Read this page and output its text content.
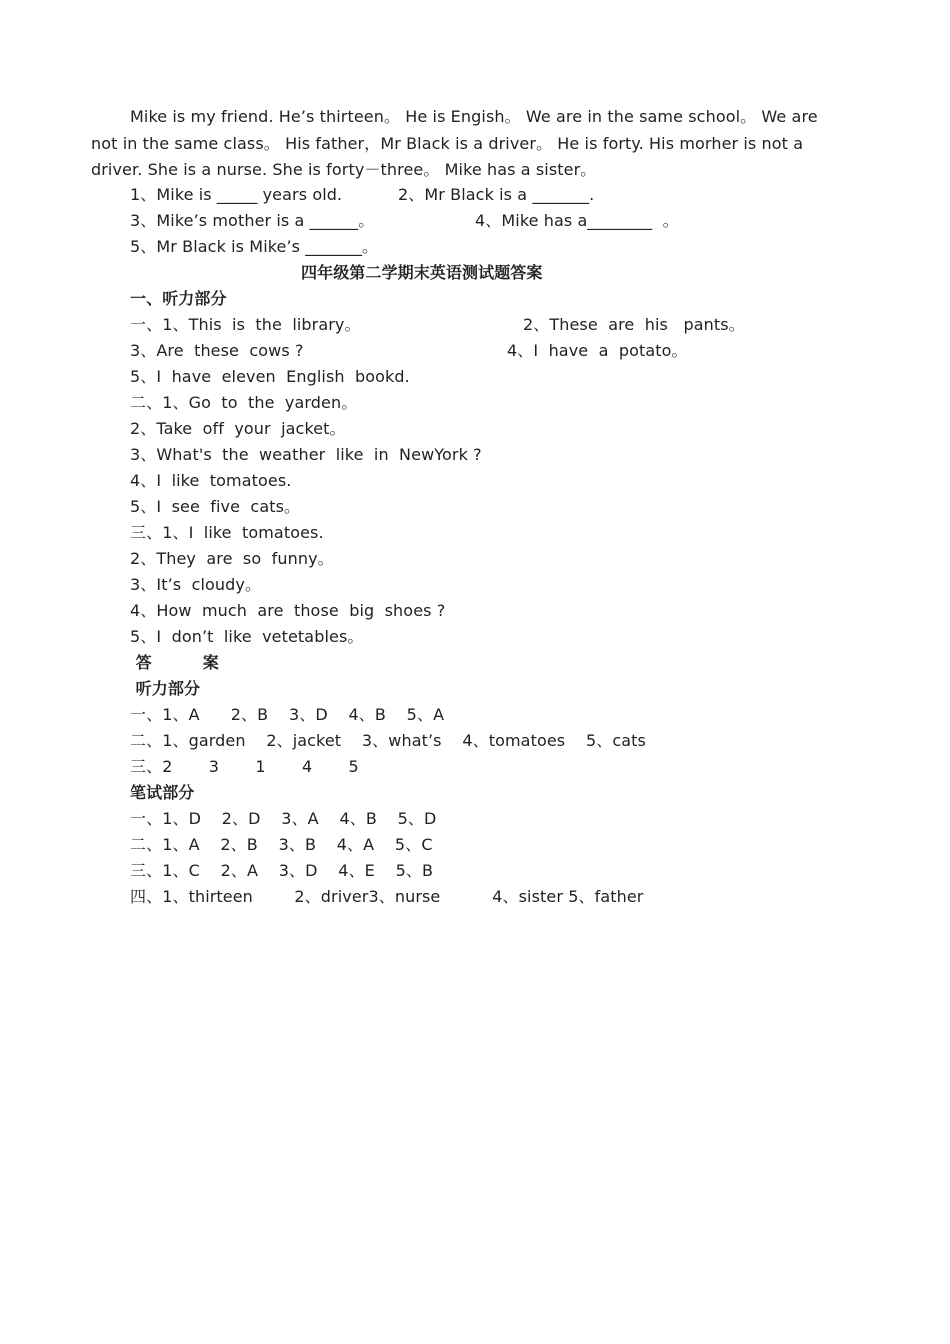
Mike is my friend. He’s thirteen。 He is Engish。 We are in the same school。 We are
not in the same class。 His father，Mr Black is a driver。 He is forty. His morher is not a
driver. She is a nurse. She is forty－three。 Mike has a sister。
1、Mike is _____ years old.	2、Mr Black is a _______.
3、Mike’s mother is a ______。	4、Mike has a________  。
5、Mr Black is Mike’s _______。
四年级第二学期末英语测试题答案
一、听力部分
一、1、This  is  the  library。	2、These  are  his   pants。
3、Are  these  cows ?	4、I  have  a  potato。
5、I  have  eleven  English  bookd.
二、1、Go  to  the  yarden。
2、Take  off  your  jacket。
3、What's  the  weather  like  in  NewYork ?
4、I  like  tomatoes.
5、I  see  five  cats。
三、1、I  like  tomatoes.
2、They  are  so  funny。
3、It’s  cloudy。
4、How  much  are  those  big  shoes ?
5、I  don’t  like  vetetables。
答         案
听力部分
一、1、A      2、B    3、D    4、B    5、A
二、1、garden    2、jacket    3、what’s    4、tomatoes    5、cats
三、2       3       1       4       5
笔试部分
一、1、D    2、D    3、A    4、B    5、D
二、1、A    2、B    3、B    4、A    5、C
三、1、C    2、A    3、D    4、E    5、B
四、1、thirteen        2、driver3、nurse          4、sister 5、father
